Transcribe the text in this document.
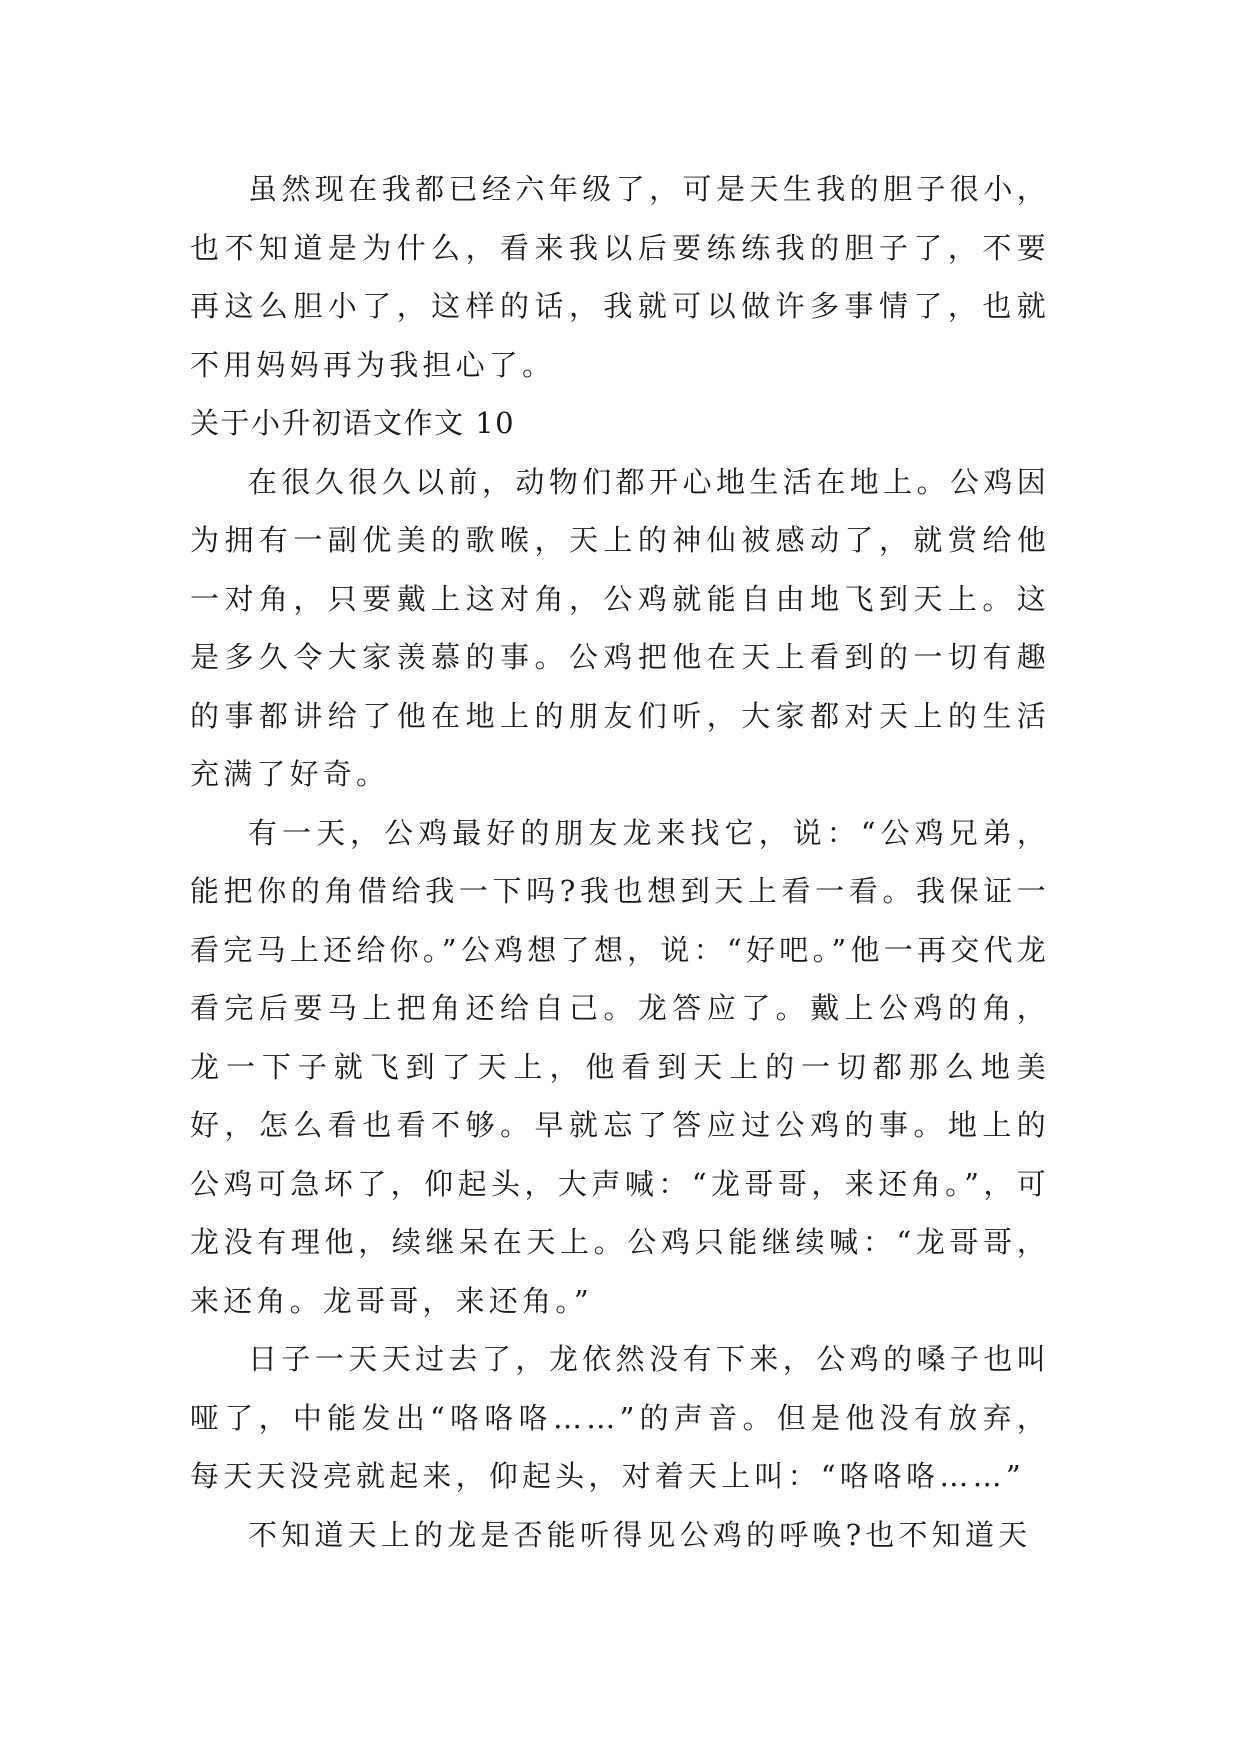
虽然现在我都已经六年级了，可是天生我的胆子很小，也不知道是为什么，看来我以后要练练我的胆子了，不要再这么胆小了，这样的话，我就可以做许多事情了，也就不用妈妈再为我担心了。

关于小升初语文作文 10

在很久很久以前，动物们都开心地生活在地上。公鸡因为拥有一副优美的歌喉，天上的神仙被感动了，就赏给他一对角，只要戴上这对角，公鸡就能自由地飞到天上。这是多久令大家羡慕的事。公鸡把他在天上看到的一切有趣的事都讲给了他在地上的朋友们听，大家都对天上的生活充满了好奇。

有一天，公鸡最好的朋友龙来找它，说：“公鸡兄弟，能把你的角借给我一下吗?我也想到天上看一看。我保证一看完马上还给你。”公鸡想了想，说：“好吧。”他一再交代龙看完后要马上把角还给自己。龙答应了。戴上公鸡的角，龙一下子就飞到了天上，他看到天上的一切都那么地美好，怎么看也看不够。早就忘了答应过公鸡的事。地上的公鸡可急坏了，仰起头，大声喊：“龙哥哥，来还角。”，可龙没有理他，续继呆在天上。公鸡只能继续喊：“龙哥哥，来还角。龙哥哥，来还角。”

日子一天天过去了，龙依然没有下来，公鸡的嗓子也叫哑了，中能发出“咯咯咯……”的声音。但是他没有放弃，每天天没亮就起来，仰起头，对着天上叫：“咯咯咯……”

不知道天上的龙是否能听得见公鸡的呼唤?也不知道天
